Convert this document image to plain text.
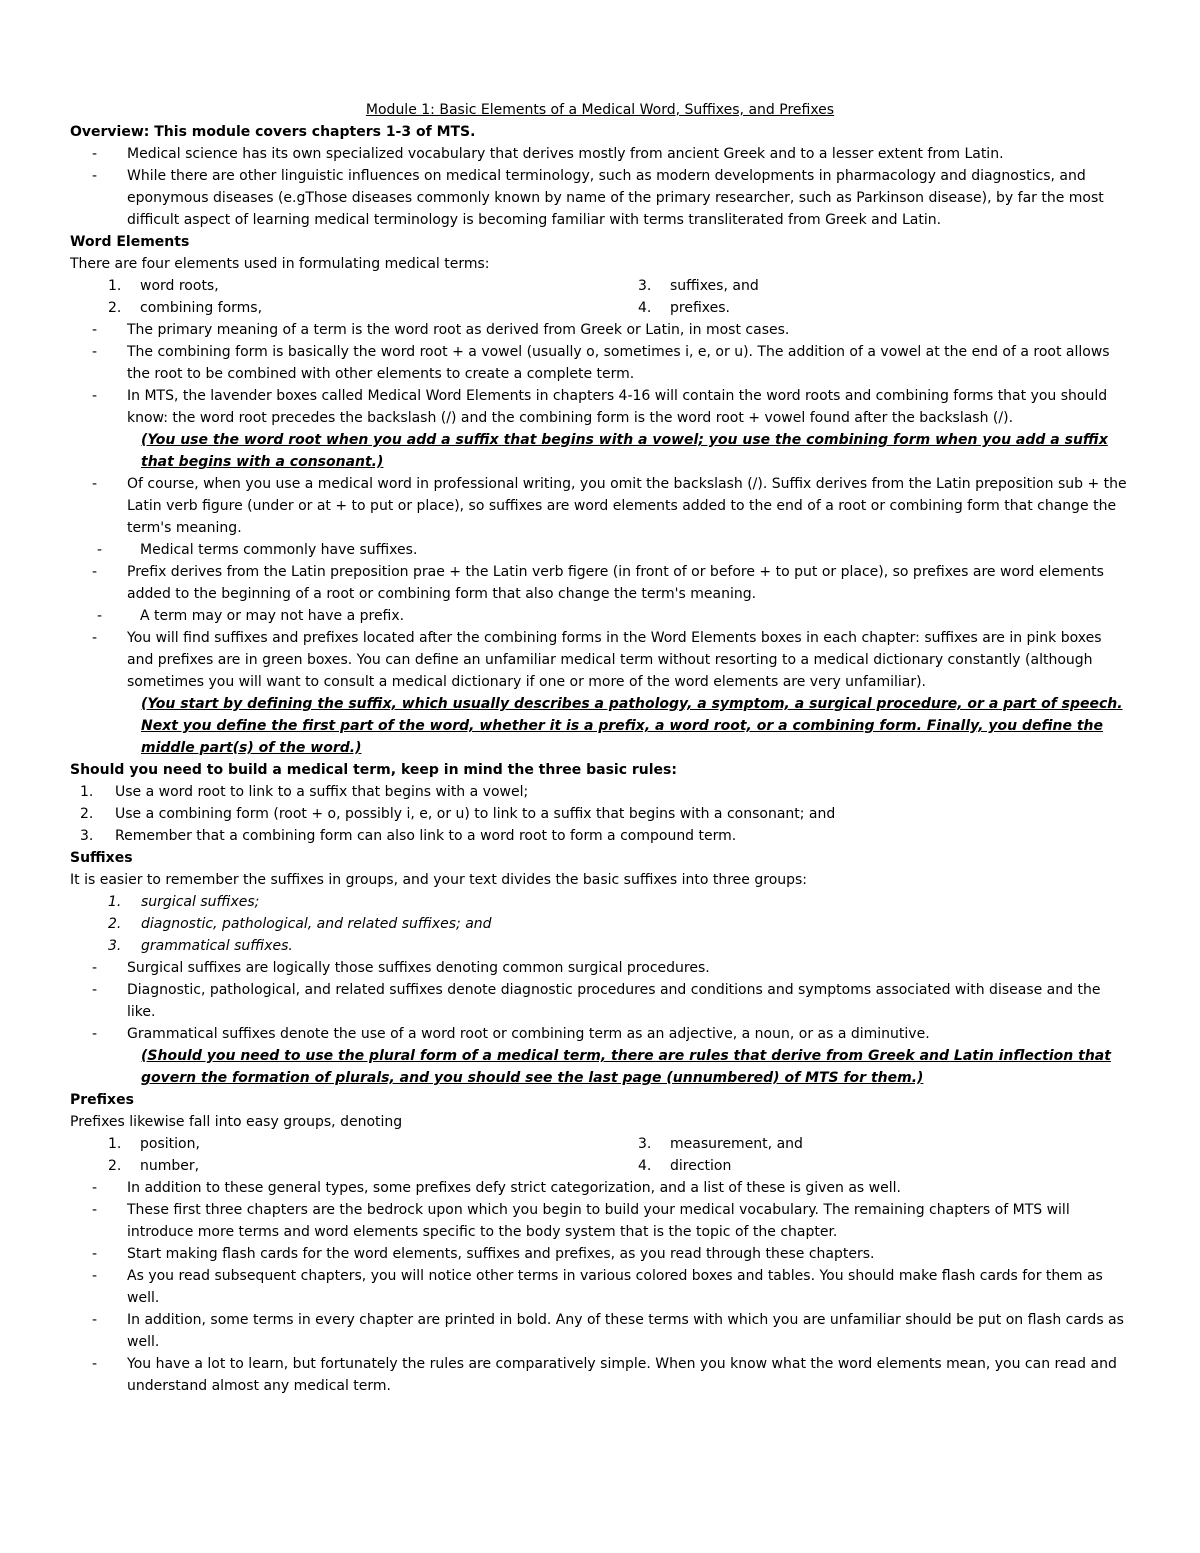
Module 1: Basic Elements of a Medical Word, Suffixes, and Prefixes

Overview: This module covers chapters 1-3 of MTS.

- Medical science has its own specialized vocabulary that derives mostly from ancient Greek and to a lesser extent from Latin.

- While there are other linguistic influences on medical terminology, such as modern developments in pharmacology and diagnostics, and eponymous diseases (e.gThose diseases commonly known by name of the primary researcher, such as Parkinson disease), by far the most difficult aspect of learning medical terminology is becoming familiar with terms transliterated from Greek and Latin.

Word Elements

There are four elements used in formulating medical terms:

1. word roots,	3. suffixes, and
2. combining forms,	4. prefixes.

- The primary meaning of a term is the word root as derived from Greek or Latin, in most cases.

- The combining form is basically the word root + a vowel (usually o, sometimes i, e, or u). The addition of a vowel at the end of a root allows the root to be combined with other elements to create a complete term.

- In MTS, the lavender boxes called Medical Word Elements in chapters 4-16 will contain the word roots and combining forms that you should know: the word root precedes the backslash (/) and the combining form is the word root + vowel found after the backslash (/).

(You use the word root when you add a suffix that begins with a vowel; you use the combining form when you add a suffix that begins with a consonant.)

- Of course, when you use a medical word in professional writing, you omit the backslash (/). Suffix derives from the Latin preposition sub + the Latin verb figure (under or at + to put or place), so suffixes are word elements added to the end of a root or combining form that change the term's meaning.

- Medical terms commonly have suffixes.

- Prefix derives from the Latin preposition prae + the Latin verb figere (in front of or before + to put or place), so prefixes are word elements added to the beginning of a root or combining form that also change the term's meaning.

- A term may or may not have a prefix.

- You will find suffixes and prefixes located after the combining forms in the Word Elements boxes in each chapter: suffixes are in pink boxes and prefixes are in green boxes. You can define an unfamiliar medical term without resorting to a medical dictionary constantly (although sometimes you will want to consult a medical dictionary if one or more of the word elements are very unfamiliar).

(You start by defining the suffix, which usually describes a pathology, a symptom, a surgical procedure, or a part of speech. Next you define the first part of the word, whether it is a prefix, a word root, or a combining form. Finally, you define the middle part(s) of the word.)

Should you need to build a medical term, keep in mind the three basic rules:

1. Use a word root to link to a suffix that begins with a vowel;
2. Use a combining form (root + o, possibly i, e, or u) to link to a suffix that begins with a consonant; and
3. Remember that a combining form can also link to a word root to form a compound term.

Suffixes

It is easier to remember the suffixes in groups, and your text divides the basic suffixes into three groups:

1. surgical suffixes;
2. diagnostic, pathological, and related suffixes; and
3. grammatical suffixes.

- Surgical suffixes are logically those suffixes denoting common surgical procedures.

- Diagnostic, pathological, and related suffixes denote diagnostic procedures and conditions and symptoms associated with disease and the like.

- Grammatical suffixes denote the use of a word root or combining term as an adjective, a noun, or as a diminutive.

(Should you need to use the plural form of a medical term, there are rules that derive from Greek and Latin inflection that govern the formation of plurals, and you should see the last page (unnumbered) of MTS for them.)

Prefixes

Prefixes likewise fall into easy groups, denoting

1. position,	3. measurement, and
2. number,	4. direction

- In addition to these general types, some prefixes defy strict categorization, and a list of these is given as well.

- These first three chapters are the bedrock upon which you begin to build your medical vocabulary. The remaining chapters of MTS will introduce more terms and word elements specific to the body system that is the topic of the chapter.

- Start making flash cards for the word elements, suffixes and prefixes, as you read through these chapters.

- As you read subsequent chapters, you will notice other terms in various colored boxes and tables. You should make flash cards for them as well.

- In addition, some terms in every chapter are printed in bold. Any of these terms with which you are unfamiliar should be put on flash cards as well.

- You have a lot to learn, but fortunately the rules are comparatively simple. When you know what the word elements mean, you can read and understand almost any medical term.
